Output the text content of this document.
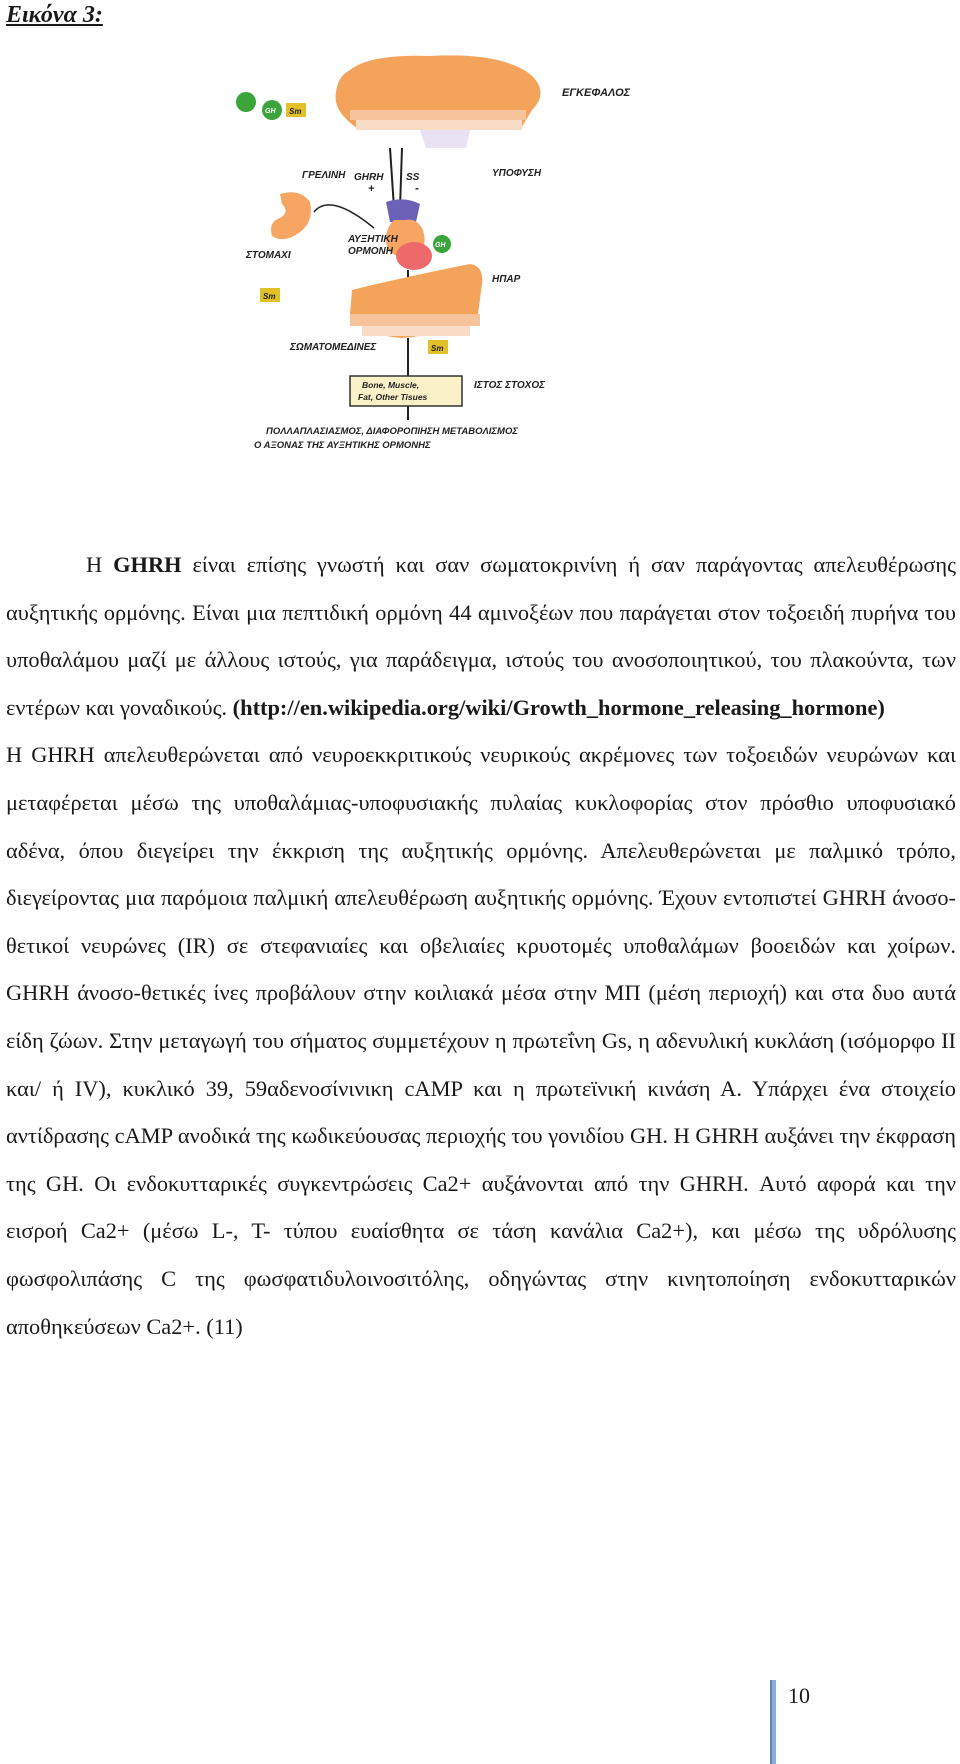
Εικόνα 3:
ΕΓΚΕΦΑΛΟΣ
GHRH SS
+	-
ΓΡΕΛΙΝΗ	ΥΠΟΦΥΣΗ
ΣΤΟΜΑΧΙ
ΑΥΞΗΤΙΚΗ
ΟΡΜΟΝΗ
GH
ΗΠΑΡ
Sm
Sm
ΣΩΜΑΤΟΜΕΔΙΝΕΣ
Bone, Muscle,
Fat, Other Tisues
ΙΣΤΟΣ ΣΤΟΧΟΣ
ΠΟΛΛΑΠΛΑΣΙΑΣΜΟΣ, ΔΙΑΦΟΡΟΠΙΗΣΗ ΜΕΤΑΒΟΛΙΣΜΟΣ
Ο ΑΞΟΝΑΣ ΤΗΣ ΑΥΞΗΤΙΚΗΣ ΟΡΜΟΝΗΣ
GH Sm

Η GHRH είναι επίσης γνωστή και σαν σωματοκρινίνη ή σαν παράγοντας απελευθέρωσης αυξητικής ορμόνης. Είναι μια πεπτιδική ορμόνη 44 αμινοξέων που παράγεται στον τοξοειδή πυρήνα του υποθαλάμου μαζί με άλλους ιστούς, για παράδειγμα, ιστούς του ανοσοποιητικού, του πλακούντα, των εντέρων και γοναδικούς. (http://en.wikipedia.org/wiki/Growth_hormone_releasing_hormone)

Η GHRH απελευθερώνεται από νευροεκκριτικούς νευρικούς ακρέμονες των τοξοειδών νευρώνων και μεταφέρεται μέσω της υποθαλάμιας-υποφυσιακής πυλαίας κυκλοφορίας στον πρόσθιο υποφυσιακό αδένα, όπου διεγείρει την έκκριση της αυξητικής ορμόνης. Απελευθερώνεται με παλμικό τρόπο, διεγείροντας μια παρόμοια παλμική απελευθέρωση αυξητικής ορμόνης. Έχουν εντοπιστεί GHRH άνοσο-θετικοί νευρώνες (IR) σε στεφανιαίες και οβελιαίες κρυοτομές υποθαλάμων βοοειδών και χοίρων. GHRH άνοσο-θετικές ίνες προβάλουν στην κοιλιακά μέσα στην ΜΠ (μέση περιοχή) και στα δυο αυτά είδη ζώων. Στην μεταγωγή του σήματος συμμετέχουν η πρωτεΐνη Gs, η αδενυλική κυκλάση (ισόμορφο II και/ ή IV), κυκλικό 39, 59αδενοσίνινικη cAMP και η πρωτεϊνική κινάση Α. Υπάρχει ένα στοιχείο αντίδρασης cAMP ανοδικά της κωδικεύουσας περιοχής του γονιδίου GH. Η GHRH αυξάνει την έκφραση της GH. Οι ενδοκυτταρικές συγκεντρώσεις Ca2+ αυξάνονται από την GHRH. Αυτό αφορά και την εισροή Ca2+ (μέσω L-, T- τύπου ευαίσθητα σε τάση κανάλια Ca2+), και μέσω της υδρόλυσης φωσφολιπάσης C της φωσφατιδυλοινοσιτόλης, οδηγώντας στην κινητοποίηση ενδοκυτταρικών αποθηκεύσεων Ca2+. (11)

10
